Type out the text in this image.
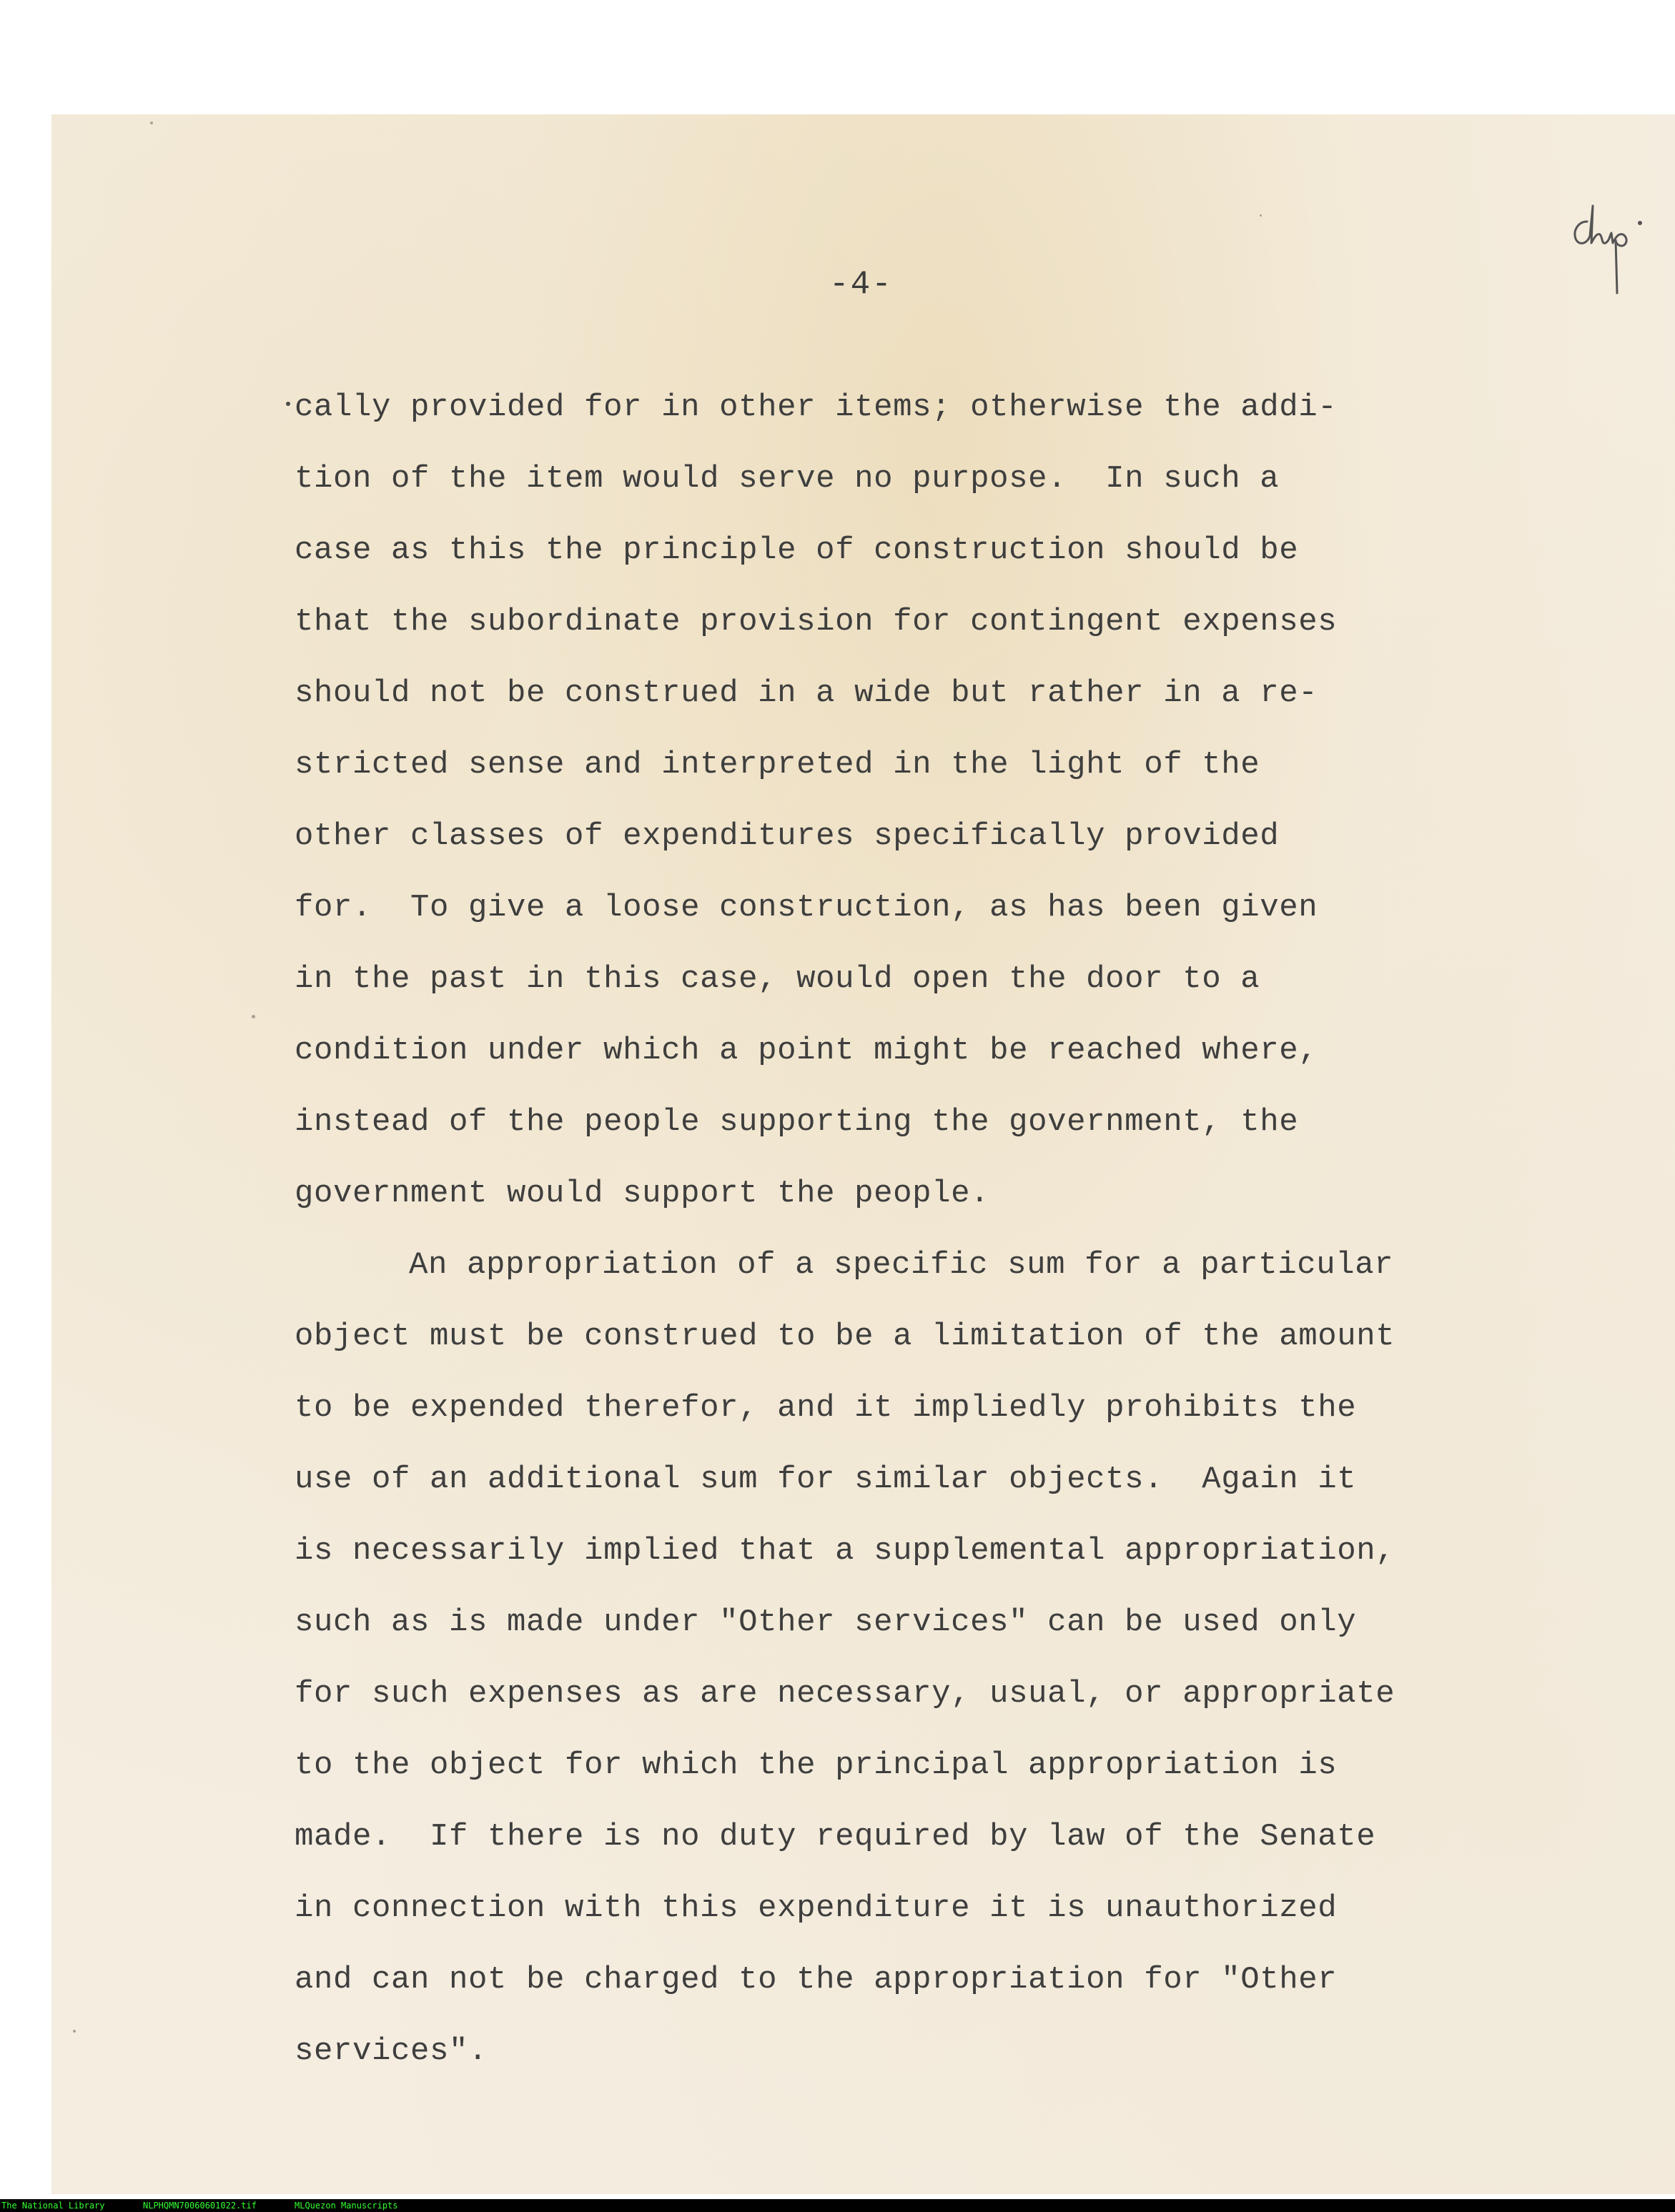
-4-
cally provided for in other items; otherwise the addi-
tion of the item would serve no purpose.  In such a
case as this the principle of construction should be
that the subordinate provision for contingent expenses
should not be construed in a wide but rather in a re-
stricted sense and interpreted in the light of the
other classes of expenditures specifically provided
for.  To give a loose construction, as has been given
in the past in this case, would open the door to a
condition under which a point might be reached where,
instead of the people supporting the government, the
government would support the people.
An appropriation of a specific sum for a particular
object must be construed to be a limitation of the amount
to be expended therefor, and it impliedly prohibits the
use of an additional sum for similar objects.  Again it
is necessarily implied that a supplemental appropriation,
such as is made under "Other services" can be used only
for such expenses as are necessary, usual, or appropriate
to the object for which the principal appropriation is
made.  If there is no duty required by law of the Senate
in connection with this expenditure it is unauthorized
and can not be charged to the appropriation for "Other
services".
The National Library	NLPHQMN70060601022.tif	MLQuezon Manuscripts
